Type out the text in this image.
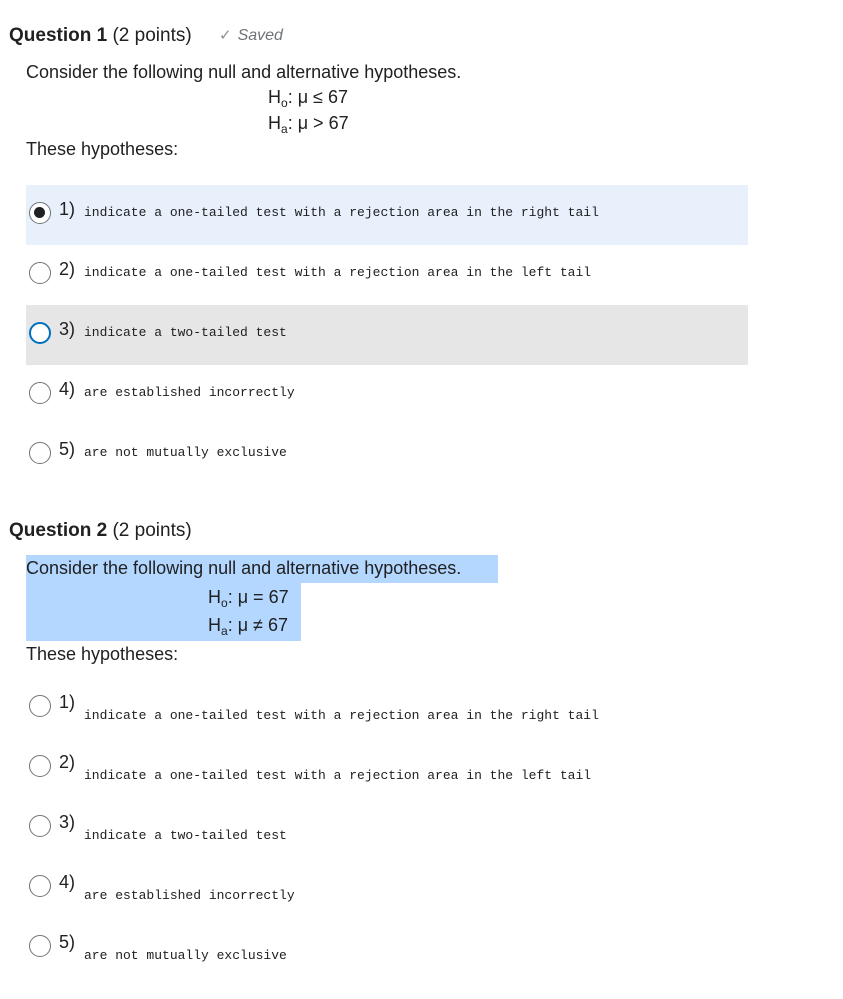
Question 1 (2 points) ✓ Saved
Consider the following null and alternative hypotheses.
$H_o$: μ ≤ 67
$H_a$: μ > 67
These hypotheses:
1) indicate a one-tailed test with a rejection area in the right tail
2) indicate a one-tailed test with a rejection area in the left tail
3) indicate a two-tailed test
4) are established incorrectly
5) are not mutually exclusive
Question 2 (2 points)
Consider the following null and alternative hypotheses.
$H_o$: μ = 67
$H_a$: μ ≠ 67
These hypotheses:
1)
indicate a one-tailed test with a rejection area in the right tail
2)
indicate a one-tailed test with a rejection area in the left tail
3)
indicate a two-tailed test
4)
are established incorrectly
5)
are not mutually exclusive
